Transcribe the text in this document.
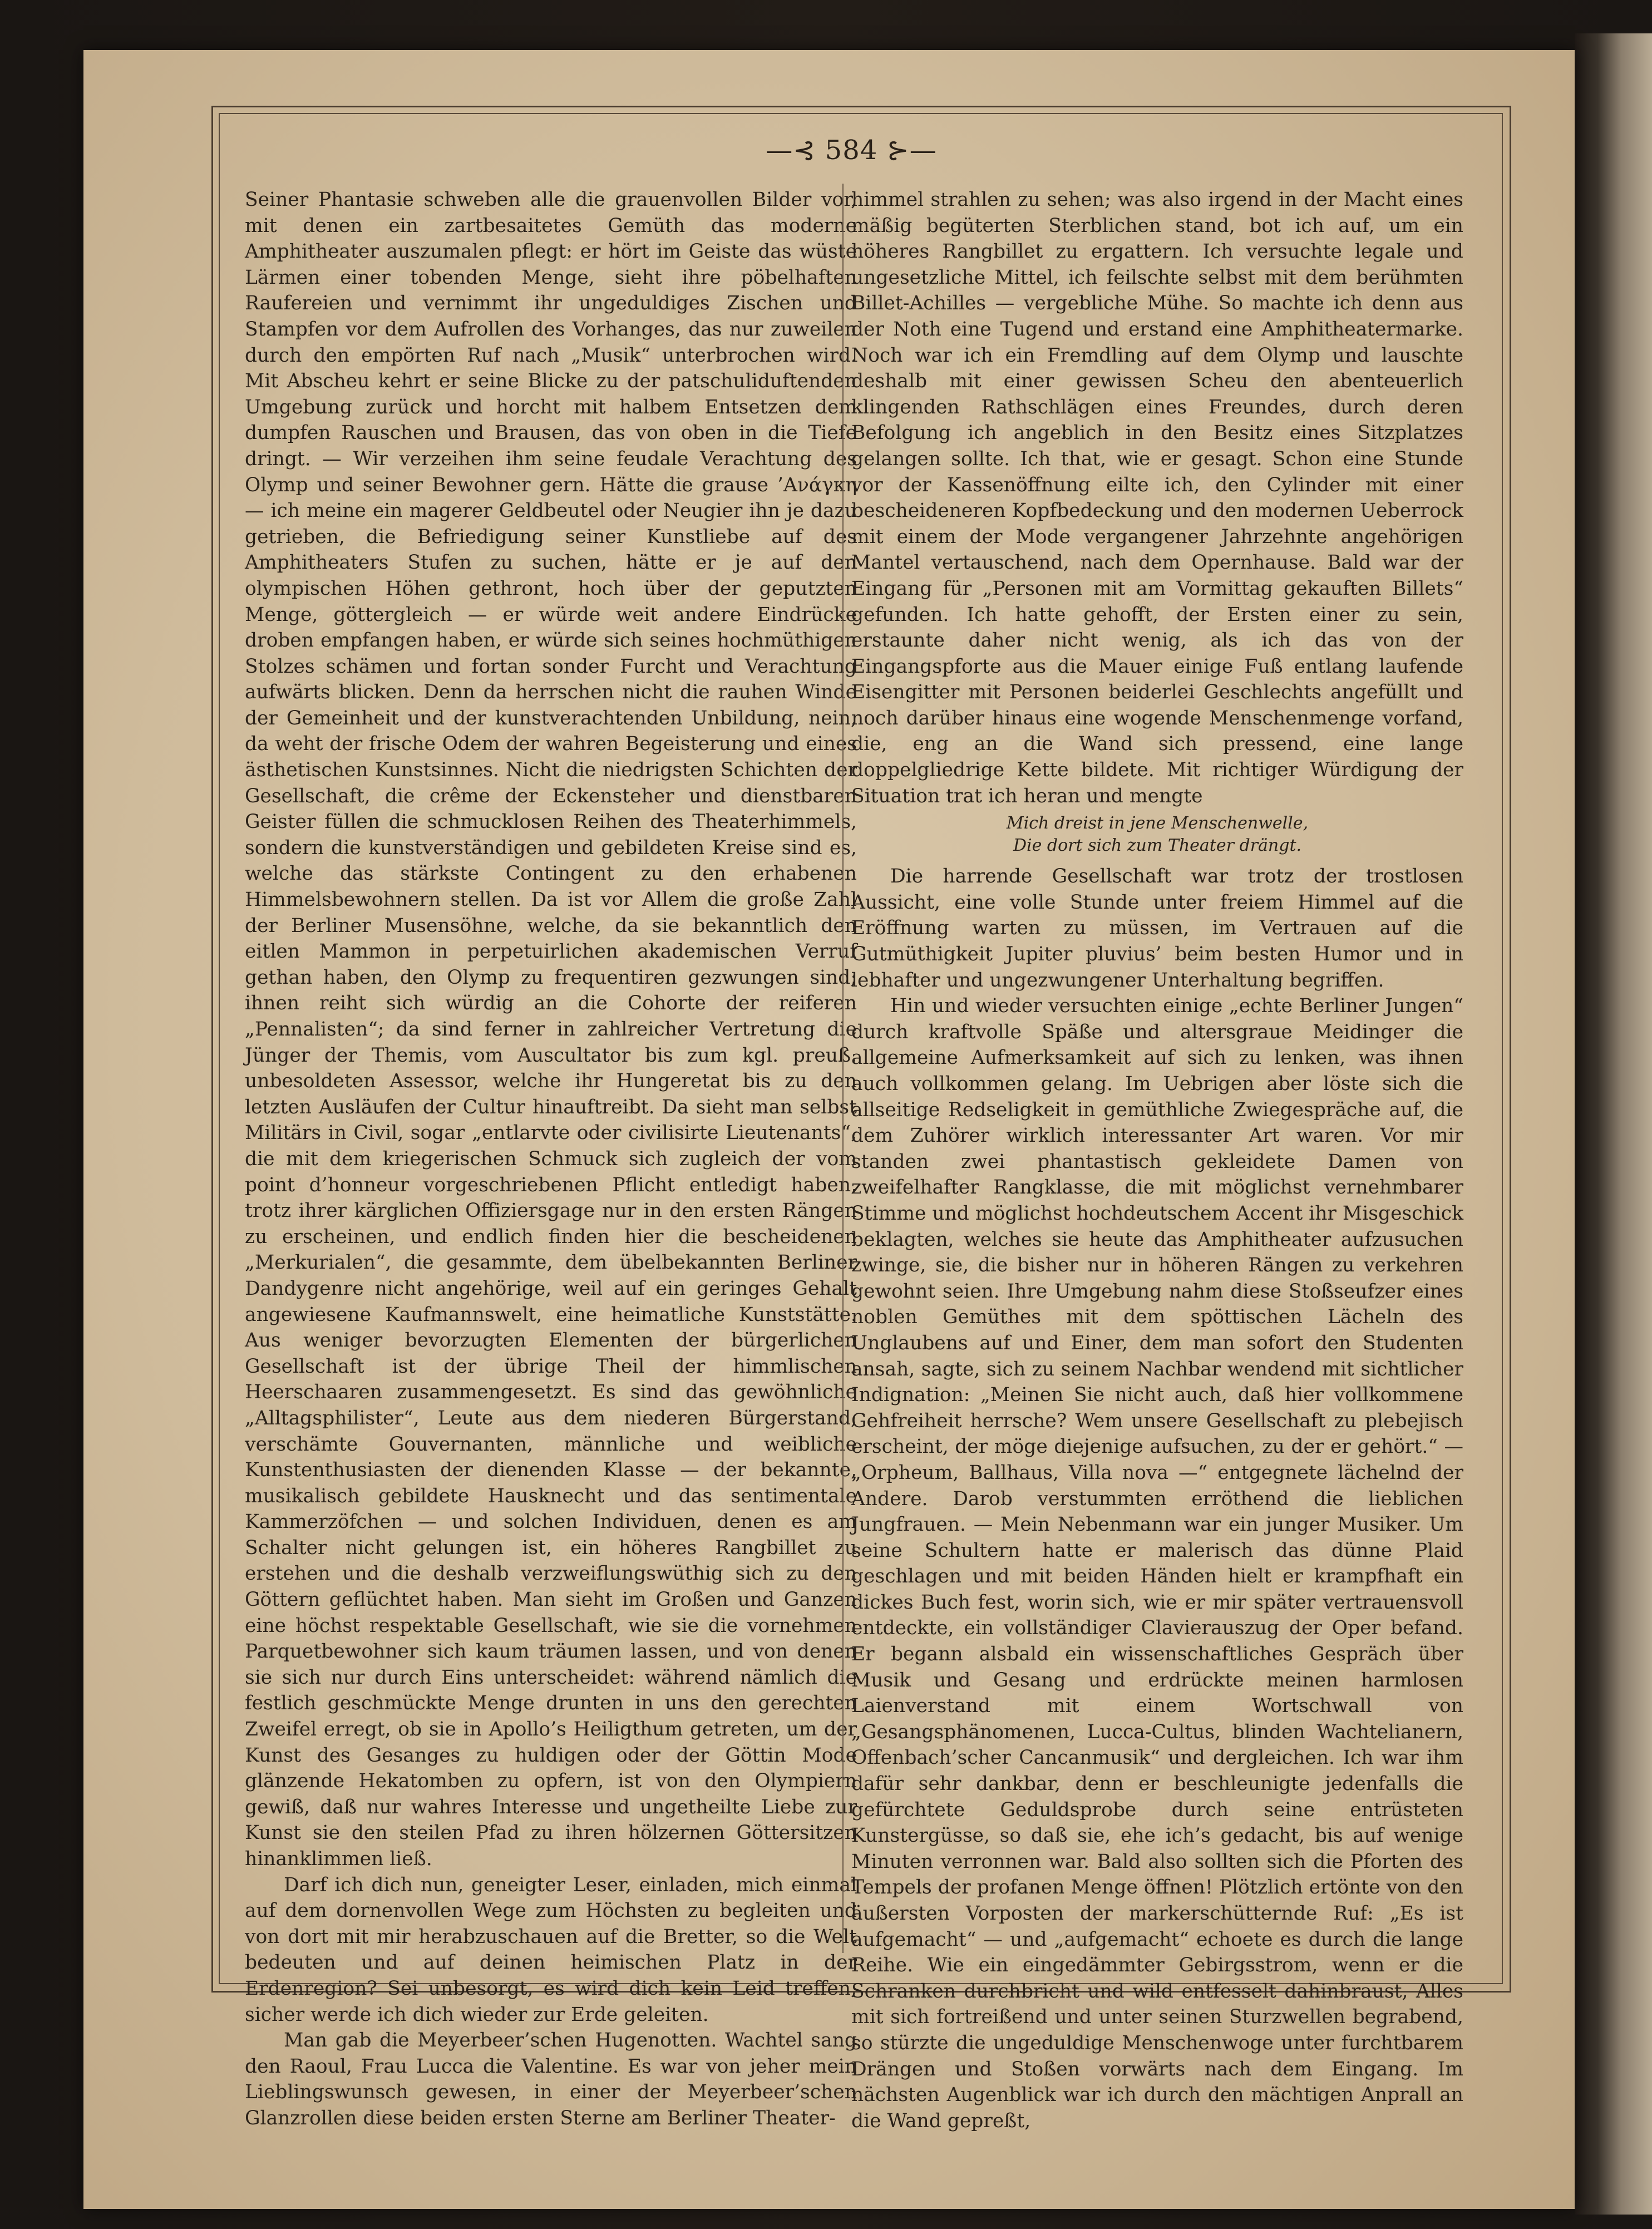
—⊰ 584 ⊱—

Seiner Phantasie schweben alle die grauenvollen Bilder vor, mit denen ein zartbesaitetes Gemüth das moderne Amphitheater auszumalen pflegt: er hört im Geiste das wüste Lärmen einer tobenden Menge, sieht ihre pöbelhaften Raufereien und vernimmt ihr ungeduldiges Zischen und Stampfen vor dem Aufrollen des Vorhanges, das nur zuweilen durch den empörten Ruf nach „Musik“ unterbrochen wird. Mit Abscheu kehrt er seine Blicke zu der patschuliduftenden Umgebung zurück und horcht mit halbem Entsetzen dem dumpfen Rauschen und Brausen, das von oben in die Tiefe dringt. — Wir verzeihen ihm seine feudale Verachtung des Olymp und seiner Bewohner gern. Hätte die grause ’Ανάγκη — ich meine ein magerer Geldbeutel oder Neugier ihn je dazu getrieben, die Befriedigung seiner Kunstliebe auf des Amphitheaters Stufen zu suchen, hätte er je auf den olympischen Höhen gethront, hoch über der geputzten Menge, göttergleich — er würde weit andere Eindrücke droben empfangen haben, er würde sich seines hochmüthigen Stolzes schämen und fortan sonder Furcht und Verachtung aufwärts blicken. Denn da herrschen nicht die rauhen Winde der Gemeinheit und der kunstverachtenden Unbildung, nein, da weht der frische Odem der wahren Begeisterung und eines ästhetischen Kunstsinnes. Nicht die niedrigsten Schichten der Gesellschaft, die crême der Eckensteher und dienstbaren Geister füllen die schmucklosen Reihen des Theaterhimmels, sondern die kunstverständigen und gebildeten Kreise sind es, welche das stärkste Contingent zu den erhabenen Himmelsbewohnern stellen. Da ist vor Allem die große Zahl der Berliner Musensöhne, welche, da sie bekanntlich den eitlen Mammon in perpetuirlichen akademischen Verruf gethan haben, den Olymp zu frequentiren gezwungen sind; ihnen reiht sich würdig an die Cohorte der reiferen „Pennalisten“; da sind ferner in zahlreicher Vertretung die Jünger der Themis, vom Auscultator bis zum kgl. preuß. unbesoldeten Assessor, welche ihr Hungeretat bis zu den letzten Ausläufen der Cultur hinauftreibt. Da sieht man selbst Militärs in Civil, sogar „entlarvte oder civilisirte Lieutenants“, die mit dem kriegerischen Schmuck sich zugleich der vom point d’honneur vorgeschriebenen Pflicht entledigt haben, trotz ihrer kärglichen Offiziersgage nur in den ersten Rängen zu erscheinen, und endlich finden hier die bescheidenen „Merkurialen“, die gesammte, dem übelbekannten Berliner Dandygenre nicht angehörige, weil auf ein geringes Gehalt angewiesene Kaufmannswelt, eine heimatliche Kunststätte. Aus weniger bevorzugten Elementen der bürgerlichen Gesellschaft ist der übrige Theil der himmlischen Heerschaaren zusammengesetzt. Es sind das gewöhnliche „Alltagsphilister“, Leute aus dem niederen Bürgerstand, verschämte Gouvernanten, männliche und weibliche Kunstenthusiasten der dienenden Klasse — der bekannte, musikalisch gebildete Hausknecht und das sentimentale Kammerzöfchen — und solchen Individuen, denen es am Schalter nicht gelungen ist, ein höheres Rangbillet zu erstehen und die deshalb verzweiflungswüthig sich zu den Göttern geflüchtet haben. Man sieht im Großen und Ganzen eine höchst respektable Gesellschaft, wie sie die vornehmen Parquetbewohner sich kaum träumen lassen, und von denen sie sich nur durch Eins unterscheidet: während nämlich die festlich geschmückte Menge drunten in uns den gerechten Zweifel erregt, ob sie in Apollo’s Heiligthum getreten, um der Kunst des Gesanges zu huldigen oder der Göttin Mode glänzende Hekatomben zu opfern, ist von den Olympiern gewiß, daß nur wahres Interesse und ungetheilte Liebe zur Kunst sie den steilen Pfad zu ihren hölzernen Göttersitzen hinanklimmen ließ.

Darf ich dich nun, geneigter Leser, einladen, mich einmal auf dem dornenvollen Wege zum Höchsten zu begleiten und von dort mit mir herabzuschauen auf die Bretter, so die Welt bedeuten und auf deinen heimischen Platz in der Erdenregion? Sei unbesorgt, es wird dich kein Leid treffen, sicher werde ich dich wieder zur Erde geleiten.

Man gab die Meyerbeer’schen Hugenotten. Wachtel sang den Raoul, Frau Lucca die Valentine. Es war von jeher mein Lieblingswunsch gewesen, in einer der Meyerbeer’schen Glanzrollen diese beiden ersten Sterne am Berliner Theater-

himmel strahlen zu sehen; was also irgend in der Macht eines mäßig begüterten Sterblichen stand, bot ich auf, um ein höheres Rangbillet zu ergattern. Ich versuchte legale und ungesetzliche Mittel, ich feilschte selbst mit dem berühmten Billet-Achilles — vergebliche Mühe. So machte ich denn aus der Noth eine Tugend und erstand eine Amphitheatermarke. Noch war ich ein Fremdling auf dem Olymp und lauschte deshalb mit einer gewissen Scheu den abenteuerlich klingenden Rathschlägen eines Freundes, durch deren Befolgung ich angeblich in den Besitz eines Sitzplatzes gelangen sollte. Ich that, wie er gesagt. Schon eine Stunde vor der Kassenöffnung eilte ich, den Cylinder mit einer bescheideneren Kopfbedeckung und den modernen Ueberrock mit einem der Mode vergangener Jahrzehnte angehörigen Mantel vertauschend, nach dem Opernhause. Bald war der Eingang für „Personen mit am Vormittag gekauften Billets“ gefunden. Ich hatte gehofft, der Ersten einer zu sein, erstaunte daher nicht wenig, als ich das von der Eingangspforte aus die Mauer einige Fuß entlang laufende Eisengitter mit Personen beiderlei Geschlechts angefüllt und noch darüber hinaus eine wogende Menschenmenge vorfand, die, eng an die Wand sich pressend, eine lange doppelgliedrige Kette bildete. Mit richtiger Würdigung der Situation trat ich heran und mengte

Mich dreist in jene Menschenwelle,
Die dort sich zum Theater drängt.

Die harrende Gesellschaft war trotz der trostlosen Aussicht, eine volle Stunde unter freiem Himmel auf die Eröffnung warten zu müssen, im Vertrauen auf die Gutmüthigkeit Jupiter pluvius’ beim besten Humor und in lebhafter und ungezwungener Unterhaltung begriffen.

Hin und wieder versuchten einige „echte Berliner Jungen“ durch kraftvolle Späße und altersgraue Meidinger die allgemeine Aufmerksamkeit auf sich zu lenken, was ihnen auch vollkommen gelang. Im Uebrigen aber löste sich die allseitige Redseligkeit in gemüthliche Zwiegespräche auf, die dem Zuhörer wirklich interessanter Art waren. Vor mir standen zwei phantastisch gekleidete Damen von zweifelhafter Rangklasse, die mit möglichst vernehmbarer Stimme und möglichst hochdeutschem Accent ihr Misgeschick beklagten, welches sie heute das Amphitheater aufzusuchen zwinge, sie, die bisher nur in höheren Rängen zu verkehren gewohnt seien. Ihre Umgebung nahm diese Stoßseufzer eines noblen Gemüthes mit dem spöttischen Lächeln des Unglaubens auf und Einer, dem man sofort den Studenten ansah, sagte, sich zu seinem Nachbar wendend mit sichtlicher Indignation: „Meinen Sie nicht auch, daß hier vollkommene Gehfreiheit herrsche? Wem unsere Gesellschaft zu plebejisch erscheint, der möge diejenige aufsuchen, zu der er gehört.“ — „Orpheum, Ballhaus, Villa nova —“ entgegnete lächelnd der Andere. Darob verstummten erröthend die lieblichen Jungfrauen. — Mein Nebenmann war ein junger Musiker. Um seine Schultern hatte er malerisch das dünne Plaid geschlagen und mit beiden Händen hielt er krampfhaft ein dickes Buch fest, worin sich, wie er mir später vertrauensvoll entdeckte, ein vollständiger Clavierauszug der Oper befand. Er begann alsbald ein wissenschaftliches Gespräch über Musik und Gesang und erdrückte meinen harmlosen Laienverstand mit einem Wortschwall von „Gesangsphänomenen, Lucca-Cultus, blinden Wachtelianern, Offenbach’scher Cancanmusik“ und dergleichen. Ich war ihm dafür sehr dankbar, denn er beschleunigte jedenfalls die gefürchtete Geduldsprobe durch seine entrüsteten Kunstergüsse, so daß sie, ehe ich’s gedacht, bis auf wenige Minuten verronnen war. Bald also sollten sich die Pforten des Tempels der profanen Menge öffnen! Plötzlich ertönte von den äußersten Vorposten der markerschütternde Ruf: „Es ist aufgemacht“ — und „aufgemacht“ echoete es durch die lange Reihe. Wie ein eingedämmter Gebirgsstrom, wenn er die Schranken durchbricht und wild entfesselt dahinbraust, Alles mit sich fortreißend und unter seinen Sturzwellen begrabend, so stürzte die ungeduldige Menschenwoge unter furchtbarem Drängen und Stoßen vorwärts nach dem Eingang. Im nächsten Augenblick war ich durch den mächtigen Anprall an die Wand gepreßt,
